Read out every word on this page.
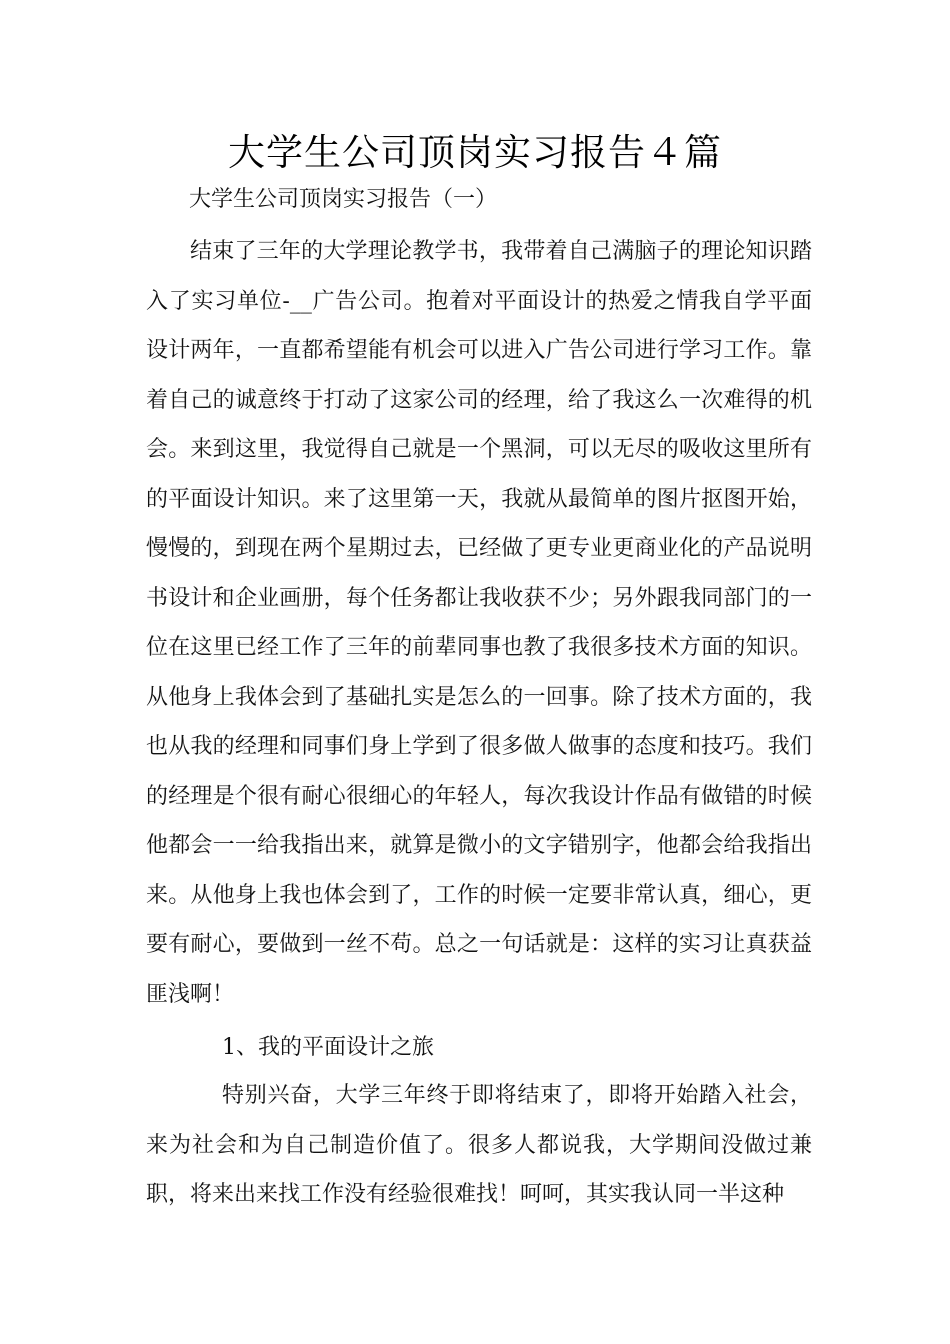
大学生公司顶岗实习报告４篇
大学生公司顶岗实习报告（一）

结束了三年的大学理论教学书，我带着自己满脑子的理论知识踏入了实习单位-__广告公司。抱着对平面设计的热爱之情我自学平面设计两年，一直都希望能有机会可以进入广告公司进行学习工作。靠着自己的诚意终于打动了这家公司的经理，给了我这么一次难得的机会。来到这里，我觉得自己就是一个黑洞，可以无尽的吸收这里所有的平面设计知识。来了这里第一天，我就从最简单的图片抠图开始，慢慢的，到现在两个星期过去，已经做了更专业更商业化的产品说明书设计和企业画册，每个任务都让我收获不少；另外跟我同部门的一位在这里已经工作了三年的前辈同事也教了我很多技术方面的知识。从他身上我体会到了基础扎实是怎么的一回事。除了技术方面的，我也从我的经理和同事们身上学到了很多做人做事的态度和技巧。我们的经理是个很有耐心很细心的年轻人，每次我设计作品有做错的时候他都会一一给我指出来，就算是微小的文字错别字，他都会给我指出来。从他身上我也体会到了，工作的时候一定要非常认真，细心，更要有耐心，要做到一丝不苟。总之一句话就是：这样的实习让真获益匪浅啊！

1、我的平面设计之旅

特别兴奋，大学三年终于即将结束了，即将开始踏入社会，来为社会和为自己制造价值了。很多人都说我，大学期间没做过兼职，将来出来找工作没有经验很难找！呵呵，其实我认同一半这种
